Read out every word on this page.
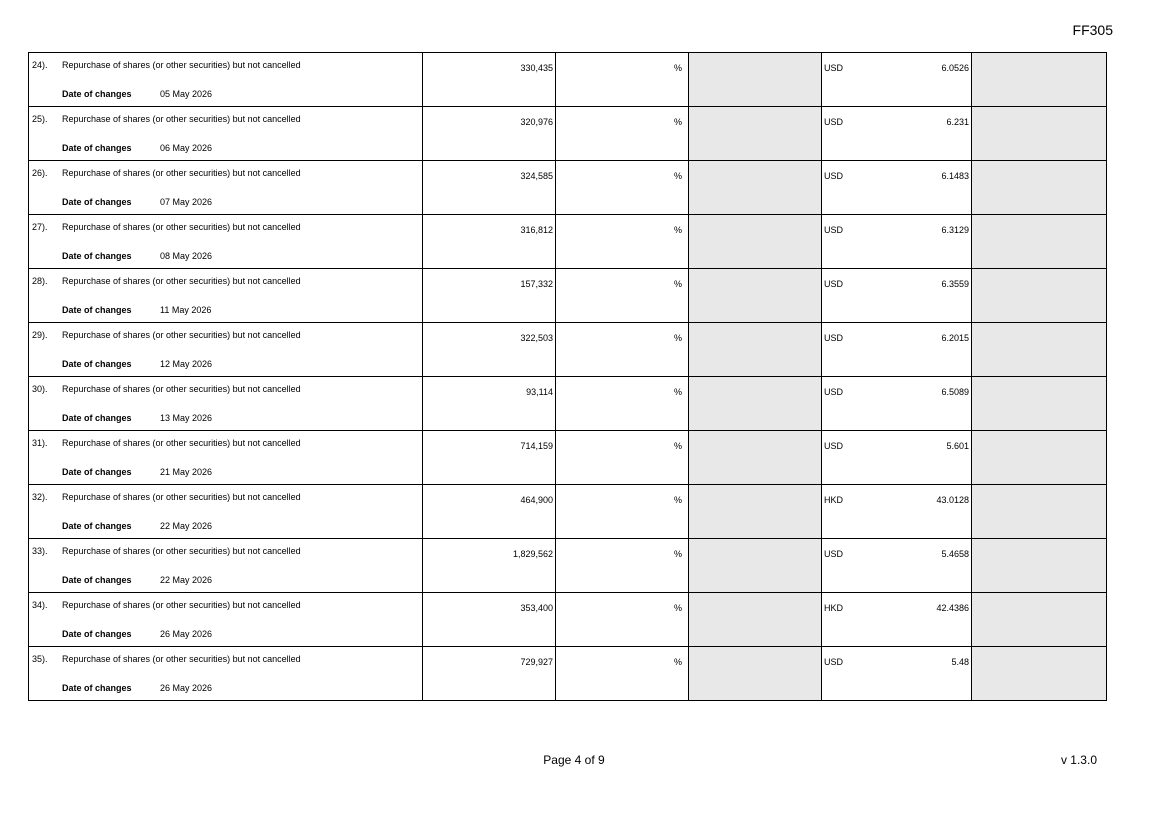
FF305
24). Repurchase of shares (or other securities) but not cancelled
Date of changes 05 May 2026	330,435	%		USD 6.0526	

25). Repurchase of shares (or other securities) but not cancelled
Date of changes 06 May 2026	320,976	%		USD 6.231	

26). Repurchase of shares (or other securities) but not cancelled
Date of changes 07 May 2026	324,585	%		USD 6.1483	

27). Repurchase of shares (or other securities) but not cancelled
Date of changes 08 May 2026	316,812	%		USD 6.3129	

28). Repurchase of shares (or other securities) but not cancelled
Date of changes 11 May 2026	157,332	%		USD 6.3559	

29). Repurchase of shares (or other securities) but not cancelled
Date of changes 12 May 2026	322,503	%		USD 6.2015	

30). Repurchase of shares (or other securities) but not cancelled
Date of changes 13 May 2026	93,114	%		USD 6.5089	

31). Repurchase of shares (or other securities) but not cancelled
Date of changes 21 May 2026	714,159	%		USD 5.601	

32). Repurchase of shares (or other securities) but not cancelled
Date of changes 22 May 2026	464,900	%		HKD 43.0128	

33). Repurchase of shares (or other securities) but not cancelled
Date of changes 22 May 2026	1,829,562	%		USD 5.4658	

34). Repurchase of shares (or other securities) but not cancelled
Date of changes 26 May 2026	353,400	%		HKD 42.4386	

35). Repurchase of shares (or other securities) but not cancelled
Date of changes 26 May 2026	729,927	%		USD 5.48	

Page 4 of 9	v 1.3.0
